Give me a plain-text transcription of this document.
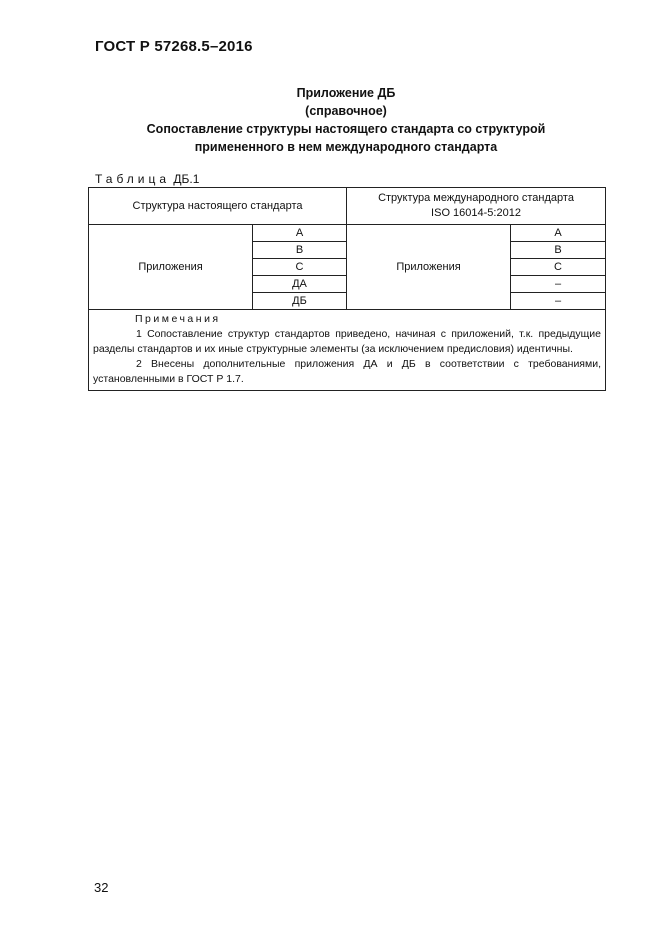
ГОСТ Р 57268.5–2016
Приложение ДБ
(справочное)
Сопоставление структуры настоящего стандарта со структурой
примененного в нем международного стандарта
Таблица ДБ.1
Структура настоящего стандарта		Структура международного стандарта
ISO 16014-5:2012	

Приложения	A	Приложения	A
	B		B
	C		C
	ДА		–
	ДБ		–

Примечания

1 Сопоставление структур стандартов приведено, начиная с приложений, т.к. предыдущие разделы стандартов и их иные структурные элементы (за исключением предисловия) идентичны.

2 Внесены дополнительные приложения ДА и ДБ в соответствии с требованиями, установленными в ГОСТ Р 1.7.			

32
